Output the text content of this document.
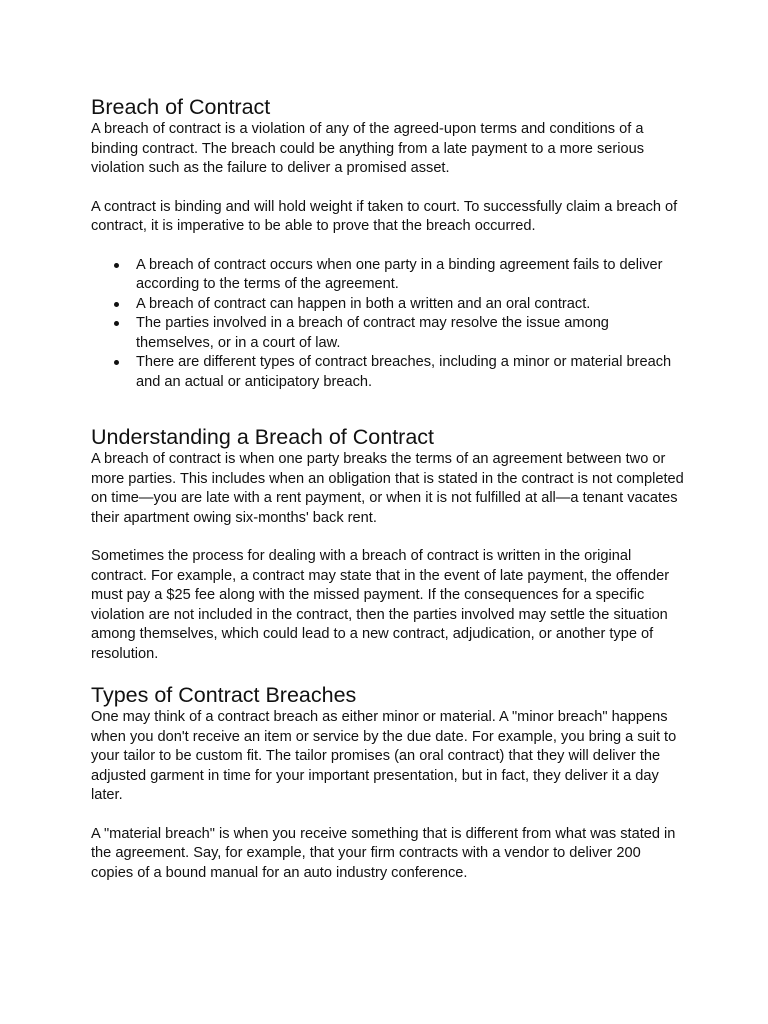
Breach of Contract

A breach of contract is a violation of any of the agreed-upon terms and conditions of a binding contract. The breach could be anything from a late payment to a more serious violation such as the failure to deliver a promised asset.

A contract is binding and will hold weight if taken to court. To successfully claim a breach of contract, it is imperative to be able to prove that the breach occurred.

A breach of contract occurs when one party in a binding agreement fails to deliver according to the terms of the agreement.
A breach of contract can happen in both a written and an oral contract.
The parties involved in a breach of contract may resolve the issue among themselves, or in a court of law.
There are different types of contract breaches, including a minor or material breach and an actual or anticipatory breach.
Understanding a Breach of Contract

A breach of contract is when one party breaks the terms of an agreement between two or more parties. This includes when an obligation that is stated in the contract is not completed on time—you are late with a rent payment, or when it is not fulfilled at all—a tenant vacates their apartment owing six-months' back rent.

Sometimes the process for dealing with a breach of contract is written in the original contract. For example, a contract may state that in the event of late payment, the offender must pay a $25 fee along with the missed payment. If the consequences for a specific violation are not included in the contract, then the parties involved may settle the situation among themselves, which could lead to a new contract, adjudication, or another type of resolution.

Types of Contract Breaches

One may think of a contract breach as either minor or material. A "minor breach" happens when you don't receive an item or service by the due date. For example, you bring a suit to your tailor to be custom fit. The tailor promises (an oral contract) that they will deliver the adjusted garment in time for your important presentation, but in fact, they deliver it a day later.

A "material breach" is when you receive something that is different from what was stated in the agreement. Say, for example, that your firm contracts with a vendor to deliver 200 copies of a bound manual for an auto industry conference.
